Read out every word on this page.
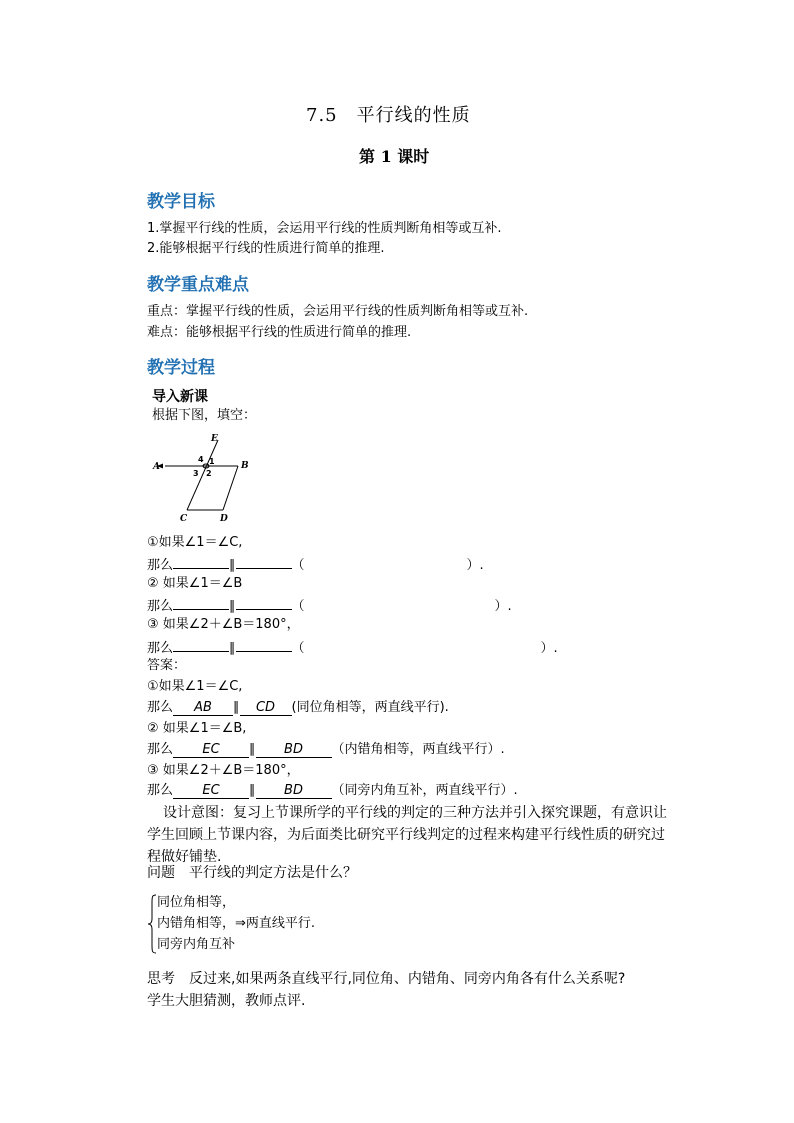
7.5　平行线的性质
第 1 课时
教学目标
1.掌握平行线的性质，会运用平行线的性质判断角相等或互补.
2.能够根据平行线的性质进行简单的推理.
教学重点难点
重点：掌握平行线的性质，会运用平行线的性质判断角相等或互补.
难点：能够根据平行线的性质进行简单的推理.
教学过程
导入新课
根据下图，填空：
E
A	B
C	D
4 1
3 2
①如果∠1＝∠C,
那么	∥	（	）.
② 如果∠1＝∠B
那么	∥	（	）.
③ 如果∠2＋∠B＝180°，
那么	∥	（	）.
答案：
①如果∠1＝∠C,
那么 AB ∥ CD (同位角相等，两直线平行).
② 如果∠1＝∠B,
那么 EC ∥ BD （内错角相等，两直线平行）.
③ 如果∠2＋∠B＝180°，
那么 EC ∥ BD （同旁内角互补，两直线平行）.
设计意图：复习上节课所学的平行线的判定的三种方法并引入探究课题，有意识让学生回顾上节课内容，为后面类比研究平行线判定的过程来构建平行线性质的研究过程做好铺垫.
问题　平行线的判定方法是什么？
同位角相等，
内错角相等，⇒两直线平行.
同旁内角互补
思考　反过来,如果两条直线平行,同位角、内错角、同旁内角各有什么关系呢?
学生大胆猜测，教师点评.
